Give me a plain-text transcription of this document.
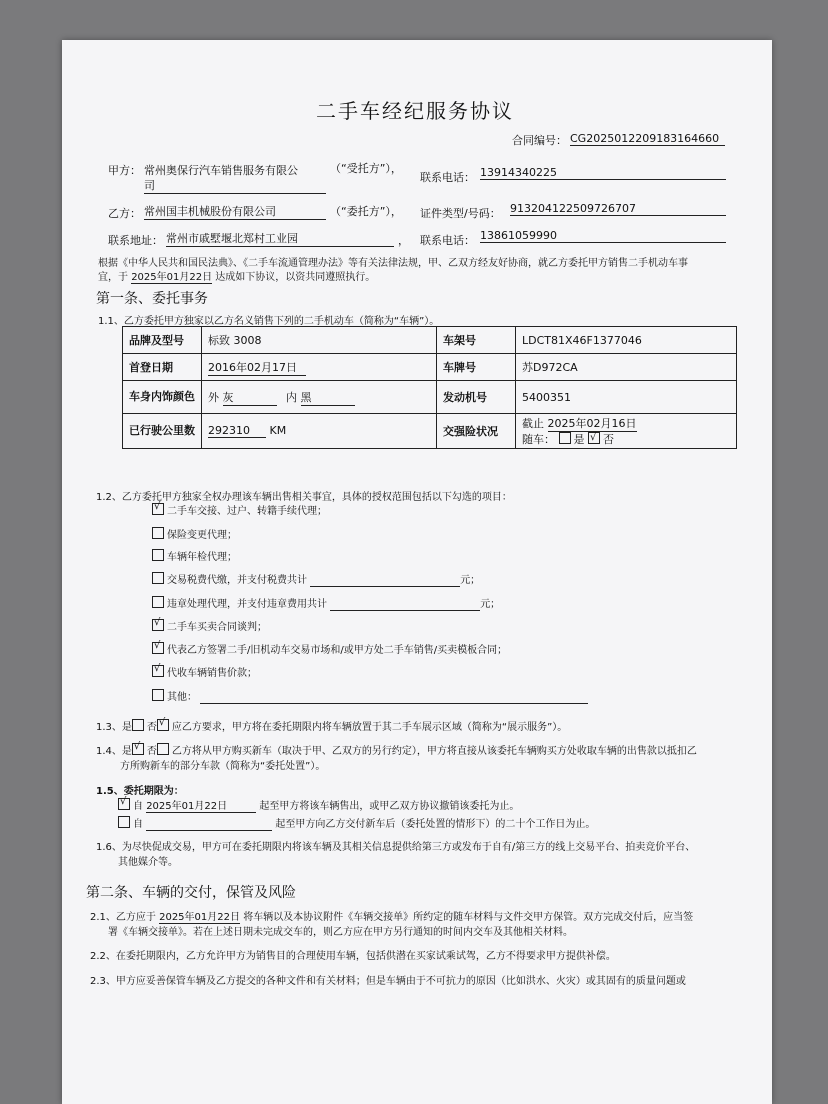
二手车经纪服务协议
合同编号： CG20250122091831646​60
甲方： 常州奥保行汽车销售服务有限公
司
（“受托方”），
联系电话： 13914340225
乙方： 常州国丰机械股份有限公司	（“委托方”）， 证件类型/号码： 913204122509726707
联系地址： 常州市戚墅堰北郑村工业园	， 联系电话： 13861059990
根据《中华人民共和国民法典》、《二手车流通管理办法》等有关法律法规，甲、乙双方经友好协商，就乙方委托甲方销售二手机动车事
宜，于 2025年01月22日 达成如下协议，以资共同遵照执行。
第一条、委托事务
1.1、乙方委托甲方独家以乙方名义销售下列的二手机动车（简称为“车辆”）。
品牌及型号	标致 3008	车架号	LDCT81X46F1377046
首登日期	2016年02月17日	车牌号	苏D972CA
车身内饰颜色	外 灰 内 黑	发动机号	5400351
已行驶公里数	292310 KM	交强险状况	截止 2025年02月16日
随车： 是 √ 否
1.2、乙方委托甲方独家全权办理该车辆出售相关事宜，具体的授权范围包括以下勾选的项目：
√二手车交接、过户、转籍手续代理；
保险变更代理；
车辆年检代理；
交易税费代缴，并支付税费共计	元；
违章处理代理，并支付违章费用共计	元；
√二手车买卖合同谈判；
√代表乙方签署二手/旧机动车交易市场和/或甲方处二手车销售/买卖模板合同；
√代收车辆销售价款；
其他：
1.3、是 否 √ 应乙方要求，甲方将在委托期限内将车辆放置于其二手车展示区域（简称为“展示服务”）。
1.4、是 √ 否 乙方将从甲方购买新车（取决于甲、乙双方的另行约定），甲方将直接从该委托车辆购买方处收取车辆的出售款以抵扣乙
方所购新车的部分车款（简称为“委托处置”）。
1.5、委托期限为：
√自 2025年01月22日	起至甲方将该车辆售出，或甲乙双方协议撤销该委托为止。
自	起至甲方向乙方交付新车后（委托处置的情形下）的二十个工作日为止。
1.6、为尽快促成交易，甲方可在委托期限内将该车辆及其相关信息提供给第三方或发布于自有/第三方的线上交易平台、拍卖竞价平台、
其他媒介等。
第二条、车辆的交付，保管及风险
2.1、乙方应于 2025年01月22日 将车辆以及本协议附件《车辆交接单》所约定的随车材料与文件交甲方保管。双方完成交付后，应当签
署《车辆交接单》。若在上述日期未完成交车的，则乙方应在甲方另行通知的时间内交车及其他相关材料。
2.2、在委托期限内，乙方允许甲方为销售目的合理使用车辆，包括供潜在买家试乘试驾，乙方不得要求甲方提供补偿。
2.3、甲方应妥善保管车辆及乙方提交的各种文件和有关材料；但是车辆由于不可抗力的原因（比如洪水、火灾）或其固有的质量问题或
